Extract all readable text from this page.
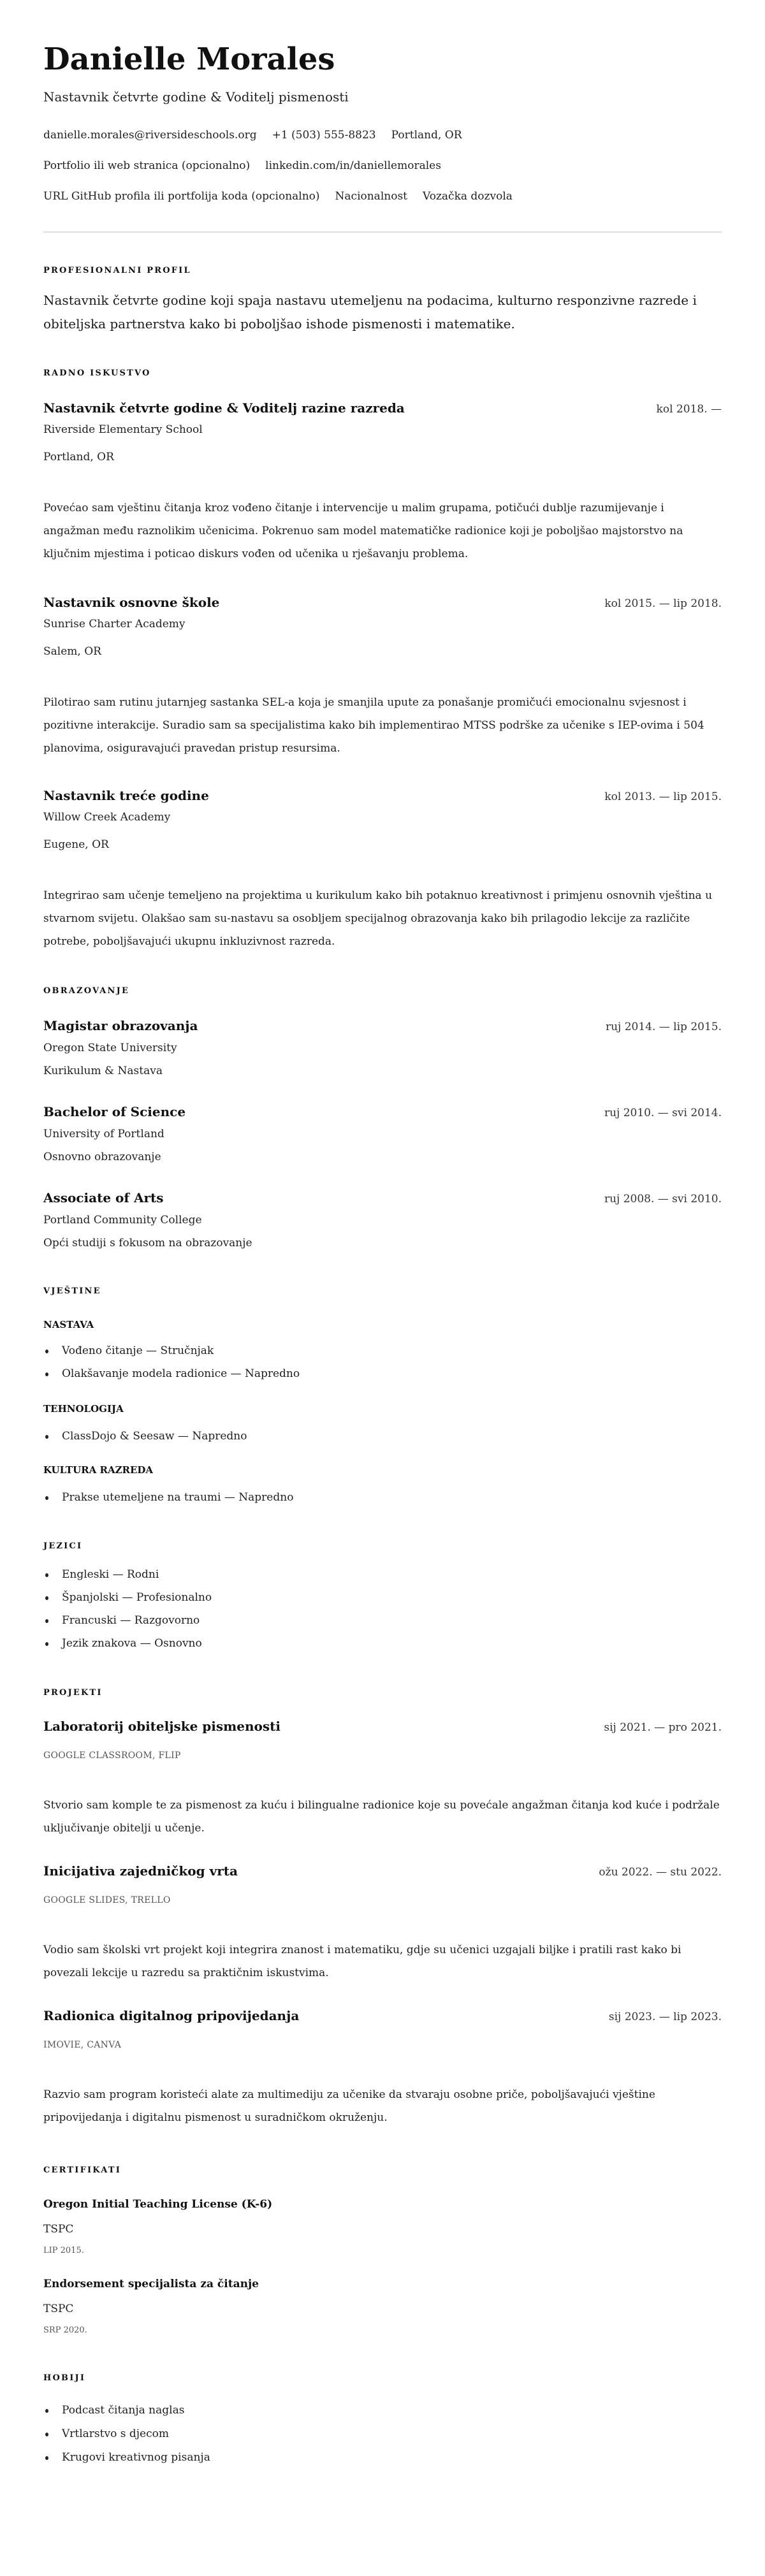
Danielle Morales
Nastavnik četvrte godine & Voditelj pismenosti
danielle.morales@riversideschools.org +1 (503) 555-8823 Portland, OR
Portfolio ili web stranica (opcionalno) linkedin.com/in/daniellemorales
URL GitHub profila ili portfolija koda (opcionalno) Nacionalnost Vozačka dozvola
PROFESIONALNI PROFIL
Nastavnik četvrte godine koji spaja nastavu utemeljenu na podacima, kulturno responzivne razrede i obiteljska partnerstva kako bi poboljšao ishode pismenosti i matematike.
RADNO ISKUSTVO
Nastavnik četvrte godine & Voditelj razine razreda	kol 2018. —
Riverside Elementary School
Portland, OR
Povećao sam vještinu čitanja kroz vođeno čitanje i intervencije u malim grupama, potičući dublje razumijevanje i angažman među raznolikim učenicima. Pokrenuo sam model matematičke radionice koji je poboljšao majstorstvo na ključnim mjestima i poticao diskurs vođen od učenika u rješavanju problema.
Nastavnik osnovne škole	kol 2015. — lip 2018.
Sunrise Charter Academy
Salem, OR
Pilotirao sam rutinu jutarnjeg sastanka SEL-a koja je smanjila upute za ponašanje promičući emocionalnu svjesnost i pozitivne interakcije. Suradio sam sa specijalistima kako bih implementirao MTSS podrške za učenike s IEP-ovima i 504 planovima, osiguravajući pravedan pristup resursima.
Nastavnik treće godine	kol 2013. — lip 2015.
Willow Creek Academy
Eugene, OR
Integrirao sam učenje temeljeno na projektima u kurikulum kako bih potaknuo kreativnost i primjenu osnovnih vještina u stvarnom svijetu. Olakšao sam su-nastavu sa osobljem specijalnog obrazovanja kako bih prilagodio lekcije za različite potrebe, poboljšavajući ukupnu inkluzivnost razreda.
OBRAZOVANJE
Magistar obrazovanja	ruj 2014. — lip 2015.
Oregon State University
Kurikulum & Nastava
Bachelor of Science	ruj 2010. — svi 2014.
University of Portland
Osnovno obrazovanje
Associate of Arts	ruj 2008. — svi 2010.
Portland Community College
Opći studiji s fokusom na obrazovanje
VJEŠTINE
NASTAVA
Vođeno čitanje — Stručnjak
Olakšavanje modela radionice — Napredno
TEHNOLOGIJA
ClassDojo & Seesaw — Napredno
KULTURA RAZREDA
Prakse utemeljene na traumi — Napredno
JEZICI
Engleski — Rodni
Španjolski — Profesionalno
Francuski — Razgovorno
Jezik znakova — Osnovno
PROJEKTI
Laboratorij obiteljske pismenosti	sij 2021. — pro 2021.
GOOGLE CLASSROOM, FLIP
Stvorio sam komple te za pismenost za kuću i bilingualne radionice koje su povećale angažman čitanja kod kuće i podržale uključivanje obitelji u učenje.
Inicijativa zajedničkog vrta	ožu 2022. — stu 2022.
GOOGLE SLIDES, TRELLO
Vodio sam školski vrt projekt koji integrira znanost i matematiku, gdje su učenici uzgajali biljke i pratili rast kako bi povezali lekcije u razredu sa praktičnim iskustvima.
Radionica digitalnog pripovijedanja	sij 2023. — lip 2023.
IMOVIE, CANVA
Razvio sam program koristeći alate za multimediju za učenike da stvaraju osobne priče, poboljšavajući vještine pripovijedanja i digitalnu pismenost u suradničkom okruženju.
CERTIFIKATI
Oregon Initial Teaching License (K-6)
TSPC
LIP 2015.
Endorsement specijalista za čitanje
TSPC
SRP 2020.
HOBIJI
Podcast čitanja naglas
Vrtlarstvo s djecom
Krugovi kreativnog pisanja
